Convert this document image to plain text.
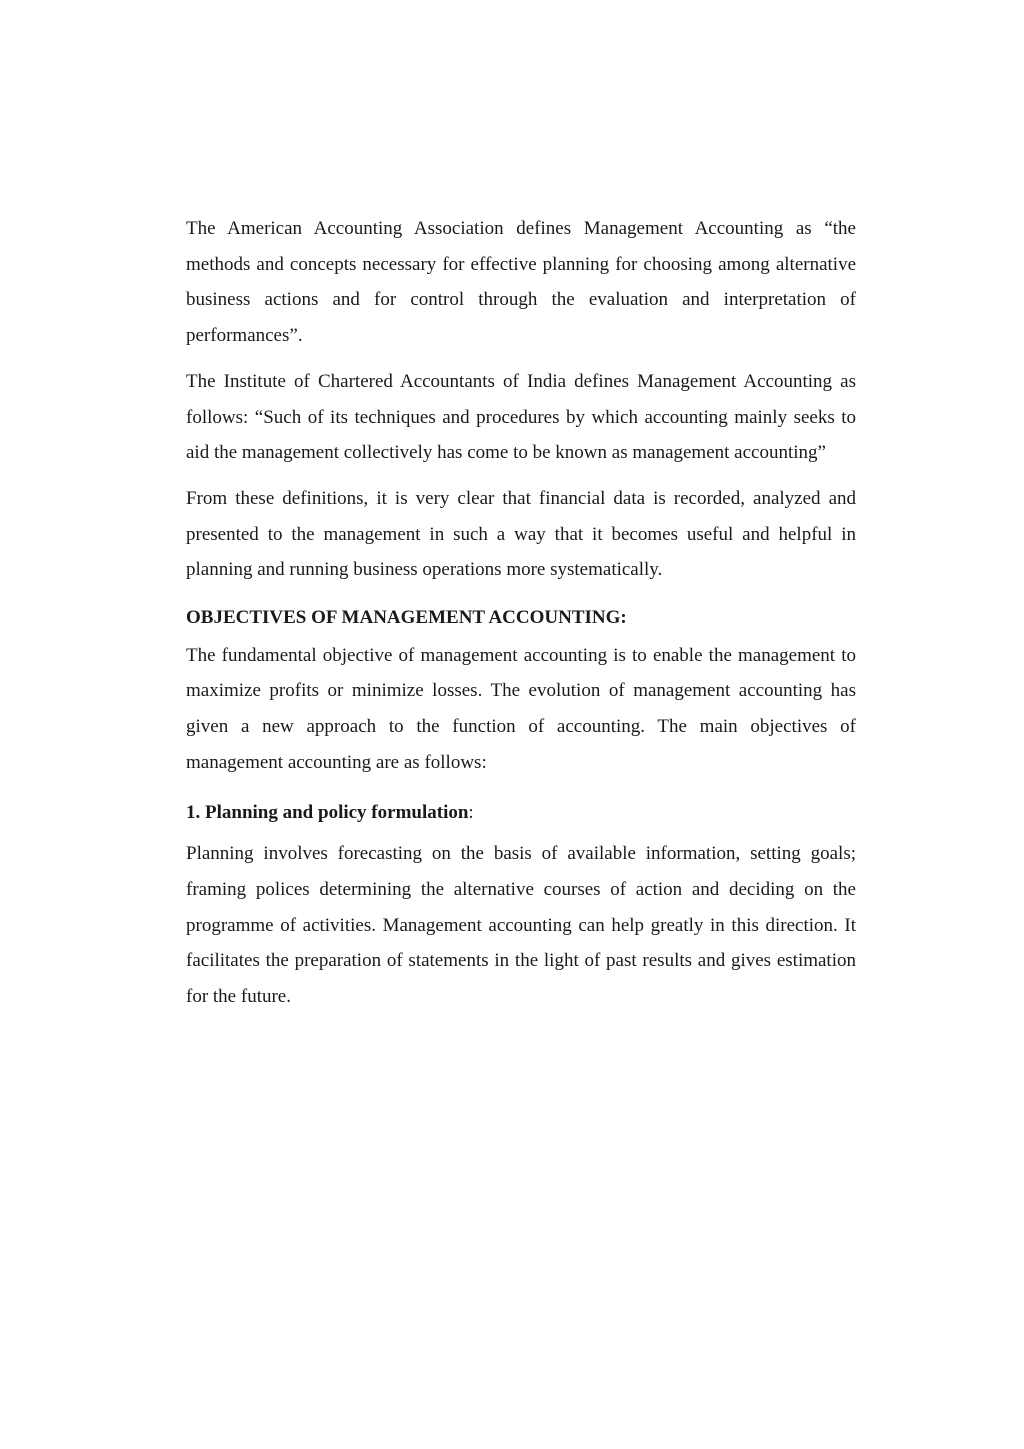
The American Accounting Association defines Management Accounting as “the methods and concepts necessary for effective planning for choosing among alternative business actions and for control through the evaluation and interpretation of performances”.

The Institute of Chartered Accountants of India defines Management Accounting as follows: “Such of its techniques and procedures by which accounting mainly seeks to aid the management collectively has come to be known as management accounting”

From these definitions, it is very clear that financial data is recorded, analyzed and presented to the management in such a way that it becomes useful and helpful in planning and running business operations more systematically.

OBJECTIVES OF MANAGEMENT ACCOUNTING:

The fundamental objective of management accounting is to enable the management to maximize profits or minimize losses. The evolution of management accounting has given a new approach to the function of accounting. The main objectives of management accounting are as follows:

1. Planning and policy formulation:

Planning involves forecasting on the basis of available information, setting goals; framing polices determining the alternative courses of action and deciding on the programme of activities. Management accounting can help greatly in this direction. It facilitates the preparation of statements in the light of past results and gives estimation for the future.
